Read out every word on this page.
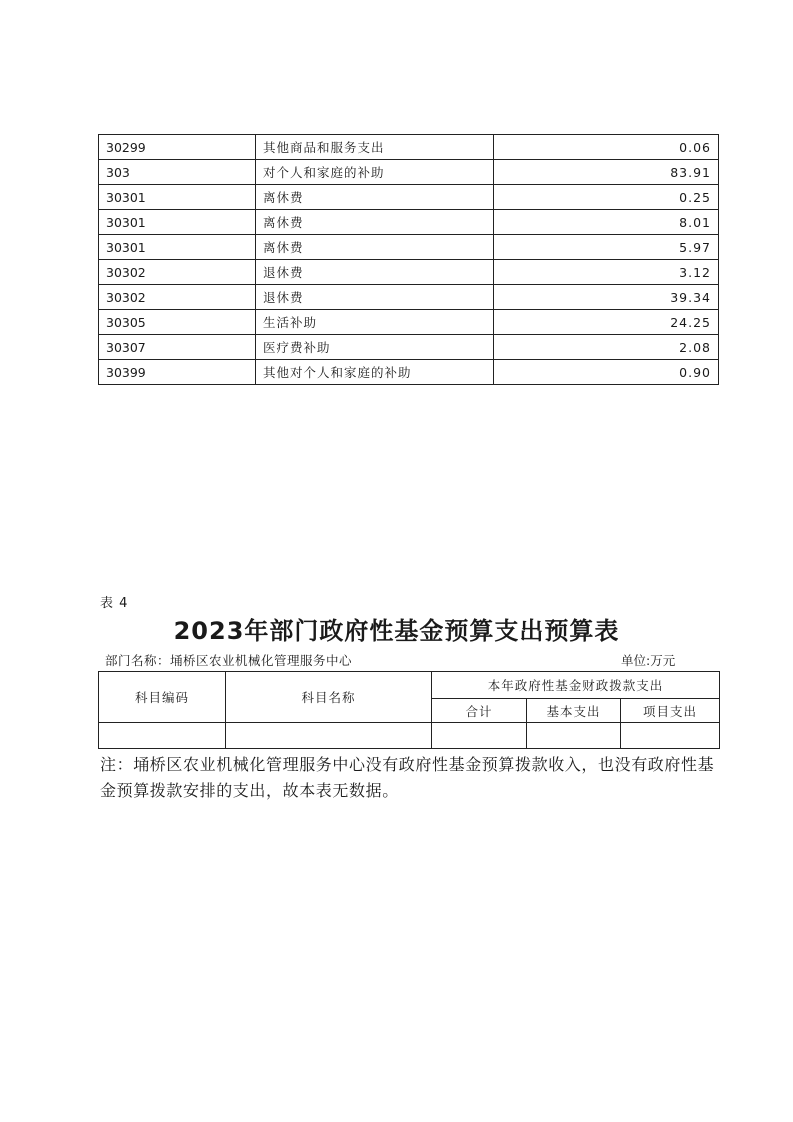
30299	其他商品和服务支出	0.06
303	对个人和家庭的补助	83.91
30301	离休费	0.25
30301	离休费	8.01
30301	离休费	5.97
30302	退休费	3.12
30302	退休费	39.34
30305	生活补助	24.25
30307	医疗费补助	2.08
30399	其他对个人和家庭的补助	0.90
表 4
2023年部门政府性基金预算支出预算表
部门名称：埇桥区农业机械化管理服务中心	单位:万元
科目编码	科目名称	本年政府性基金财政拨款支出		
		合计	基本支出	项目支出

注：埇桥区农业机械化管理服务中心没有政府性基金预算拨款收入，也没有政府性基金预算拨款安排的支出，故本表无数据。
